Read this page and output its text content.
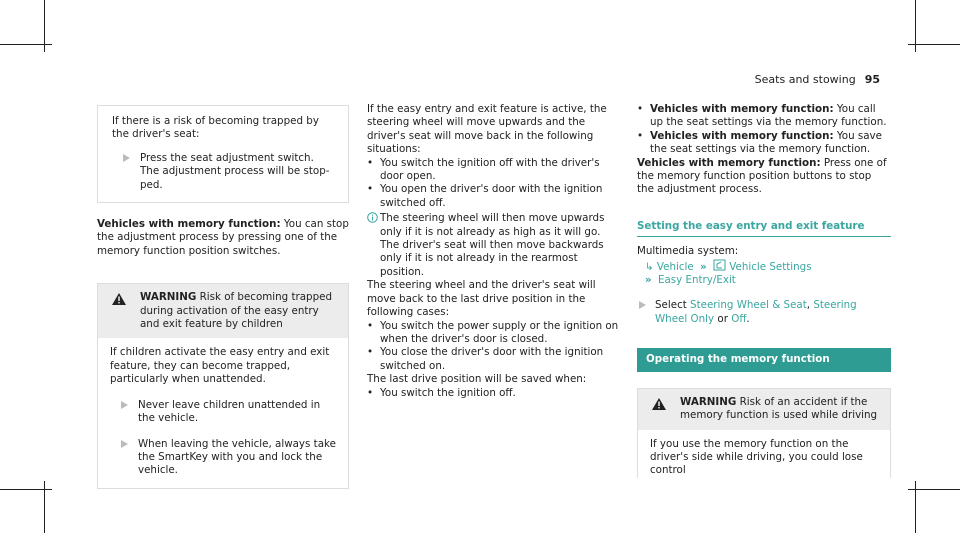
Seats and stowing 95

If there is a risk of becoming trapped by the driver's seat:

Press the seat adjustment switch.

The adjustment process will be stop-ped.

Vehicles with memory function: You can stop the adjustment process by pressing one of the memory function position switches.

WARNING Risk of becoming trapped during activation of the easy entry and exit feature by children

If children activate the easy entry and exit feature, they can become trapped, particularly when unattended.

Never leave children unattended in the vehicle.

When leaving the vehicle, always take the SmartKey with you and lock the vehicle.

If the easy entry and exit feature is active, the steering wheel will move upwards and the driver's seat will move back in the following situations:

• You switch the ignition off with the driver's door open.
• You open the driver's door with the ignition switched off.

The steering wheel will then move upwards only if it is not already as high as it will go. The driver's seat will then move backwards only if it is not already in the rearmost position.

The steering wheel and the driver's seat will move back to the last drive position in the following cases:

• You switch the power supply or the ignition on when the driver's door is closed.
• You close the driver's door with the ignition switched on.

The last drive position will be saved when:

• You switch the ignition off.
• Vehicles with memory function: You call up the seat settings via the memory function.
• Vehicles with memory function: You save the seat settings via the memory function.

Vehicles with memory function: Press one of the memory function position buttons to stop the adjustment process.

Setting the easy entry and exit feature

Multimedia system:

↳ Vehicle » Vehicle Settings
» Easy Entry/Exit

Select Steering Wheel & Seat, Steering Wheel Only or Off.

Operating the memory function
WARNING Risk of an accident if the memory function is used while driving

If you use the memory function on the driver's side while driving, you could lose control
